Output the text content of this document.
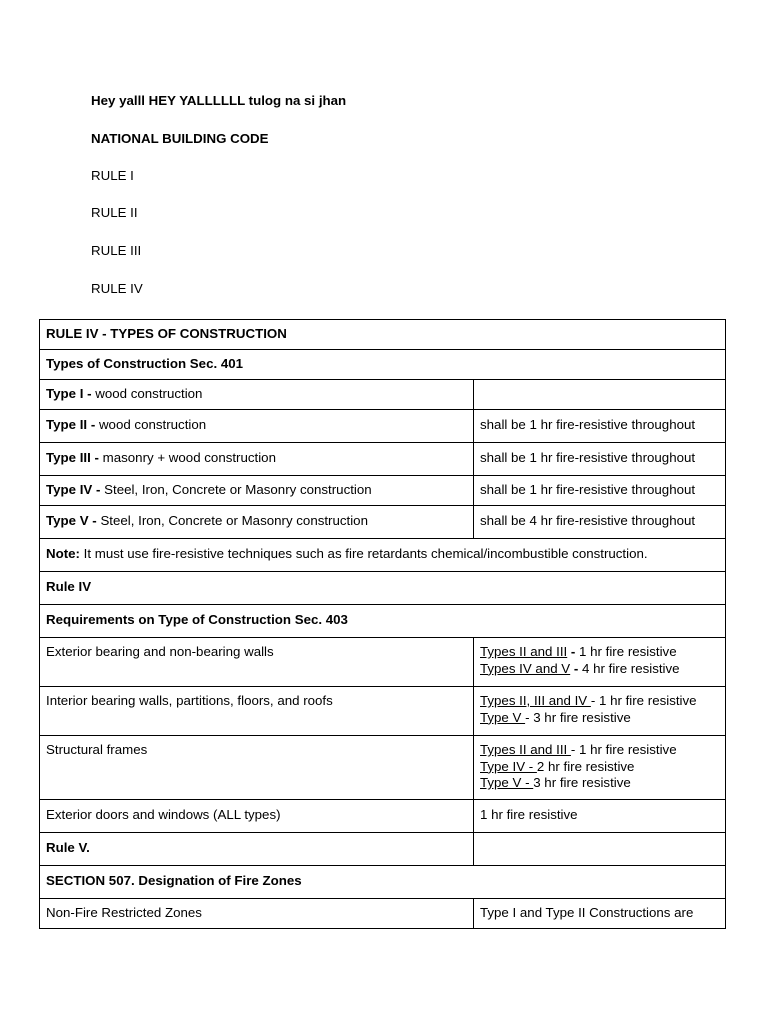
Hey yalll HEY YALLLLLL tulog na si jhan
NATIONAL BUILDING CODE
RULE I
RULE II
RULE III
RULE IV
RULE IV - TYPES OF CONSTRUCTION	
Types of Construction Sec. 401	
Type I - wood construction	
Type II - wood construction	shall be 1 hr fire-resistive throughout
Type III - masonry + wood construction	shall be 1 hr fire-resistive throughout
Type IV - Steel, Iron, Concrete or Masonry construction	shall be 1 hr fire-resistive throughout
Type V - Steel, Iron, Concrete or Masonry construction	shall be 4 hr fire-resistive throughout
Note: It must use fire-resistive techniques such as fire retardants chemical/incombustible construction.	
Rule IV	
Requirements on Type of Construction Sec. 403	
Exterior bearing and non-bearing walls	Types II and III - 1 hr fire resistive
Types IV and V - 4 hr fire resistive

Interior bearing walls, partitions, floors, and roofs	Types II, III and IV - 1 hr fire resistive
Type V - 3 hr fire resistive

Structural frames	Types II and III - 1 hr fire resistive
Type IV - 2 hr fire resistive
Type V - 3 hr fire resistive

Exterior doors and windows (ALL types)	1 hr fire resistive
Rule V.	
SECTION 507. Designation of Fire Zones	
Non-Fire Restricted Zones	Type I and Type II Constructions are
